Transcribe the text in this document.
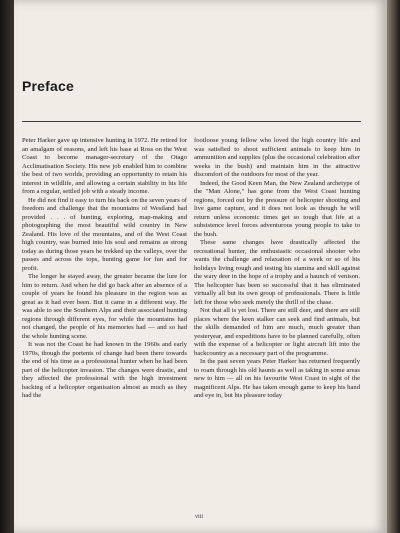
Preface

Peter Harker gave up intensive hunting in 1972. He retired for an amalgam of reasons, and left his base at Ross on the West Coast to become manager-secretary of the Otago Acclimatisation Society. His new job enabled him to combine the best of two worlds, providing an opportunity to retain his interest in wildlife, and allowing a certain stability in his life from a regular, settled job with a steady income.

He did not find it easy to turn his back on the seven years of freedom and challenge that the mountains of Westland had provided . . . of hunting, exploring, map-making and photographing the most beautiful wild country in New Zealand. His love of the mountains, and of the West Coast high country, was burned into his soul and remains as strong today as during those years he trekked up the valleys, over the passes and across the tops, hunting game for fun and for profit.

The longer he stayed away, the greater became the lure for him to return. And when he did go back after an absence of a couple of years he found his pleasure in the region was as great as it had ever been. But it came in a different way. He was able to see the Southern Alps and their associated hunting regions through different eyes, for while the mountains had not changed, the people of his memories had — and so had the whole hunting scene.

It was not the Coast he had known in the 1960s and early 1970s, though the portents of change had been there towards the end of his time as a professional hunter when he had been part of the helicopter invasion. The changes were drastic, and they affected the professional with the high investment backing of a helicopter organisation almost as much as they had the

footloose young fellow who loved the high country life and was satisfied to shoot sufficient animals to keep him in ammunition and supplies (plus the occasional celebration after weeks in the bush) and maintain him in the attractive discomfort of the outdoors for most of the year.

Indeed, the Good Keen Man, the New Zealand archetype of the "Man Alone," has gone from the West Coast hunting regions, forced out by the pressure of helicopter shooting and live game capture, and it does not look as though he will return unless economic times get so tough that life at a subsistence level forces adventurous young people to take to the bush.

These same changes have drastically affected the recreational hunter, the enthusiastic occasional shooter who wants the challenge and relaxation of a week or so of his holidays living rough and testing his stamina and skill against the wary deer in the hope of a trophy and a haunch of venison. The helicopter has been so successful that it has eliminated virtually all but its own group of professionals. There is little left for those who seek merely the thrill of the chase.

Not that all is yet lost. There are still deer, and there are still places where the keen stalker can seek and find animals, but the skills demanded of him are much, much greater than yesteryear, and expeditions have to be planned carefully, often with the expense of a helicopter or light aircraft lift into the backcountry as a necessary part of the programme.

In the past seven years Peter Harker has returned frequently to roam through his old haunts as well as taking in some areas new to him — all on his favourite West Coast in sight of the magnificent Alps. He has taken enough game to keep his hand and eye in, but his pleasure today

viii
